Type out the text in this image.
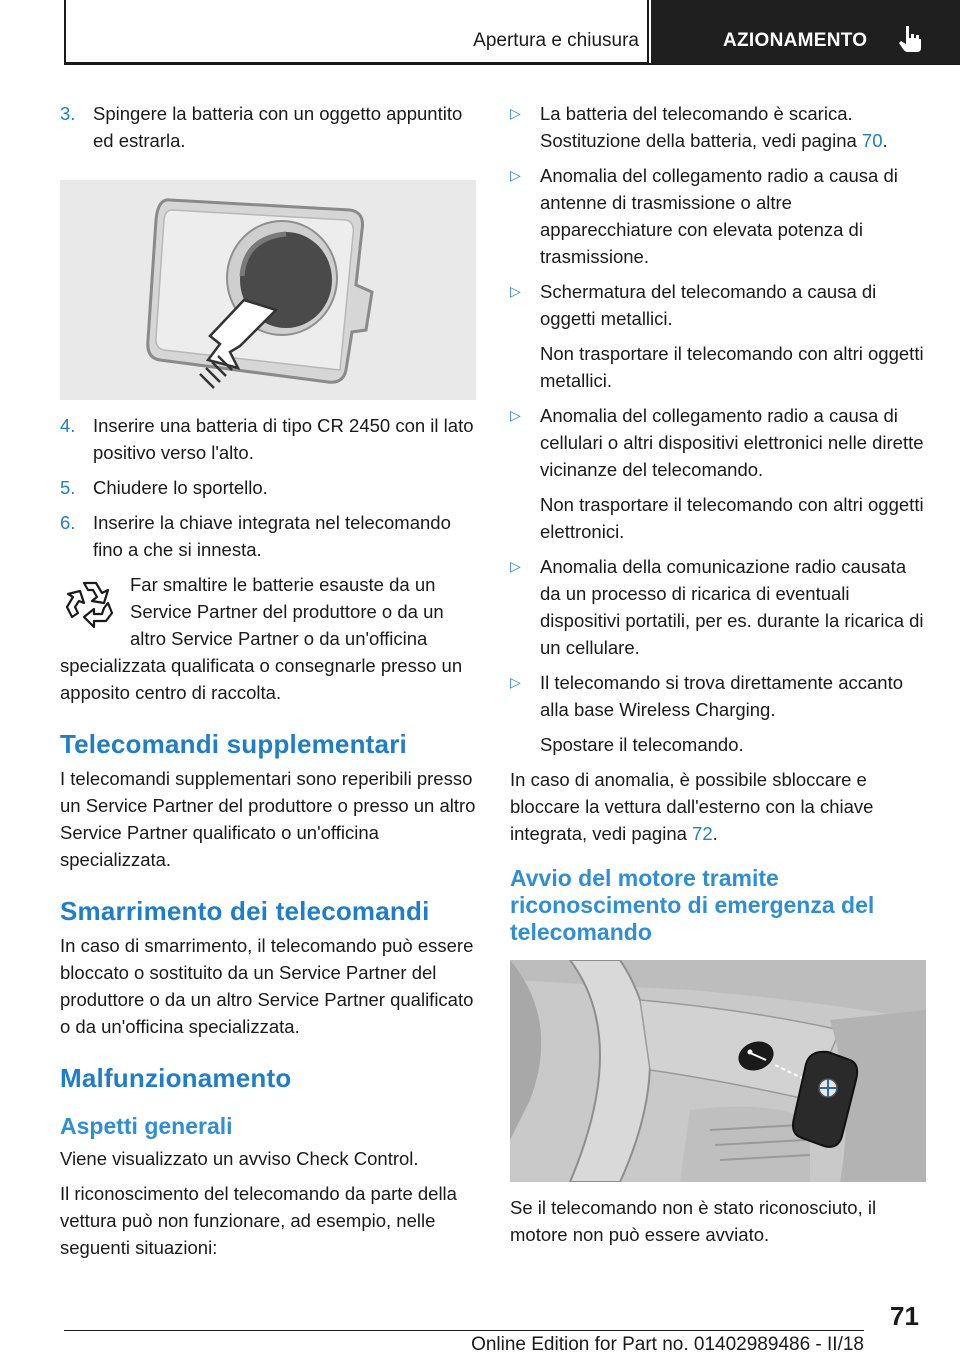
Apertura e chiusura	AZIONAMENTO
3. Spingere la batteria con un oggetto appuntito ed estrarla.
4. Inserire una batteria di tipo CR 2450 con il lato positivo verso l'alto.
5. Chiudere lo sportello.
6. Inserire la chiave integrata nel telecomando fino a che si innesta.
Far smaltire le batterie esauste da un Service Partner del produttore o da un altro Service Partner o da un'officina specializzata qualificata o consegnarle presso un apposito centro di raccolta.
Telecomandi supplementari
I telecomandi supplementari sono reperibili presso un Service Partner del produttore o presso un altro Service Partner qualificato o un'officina specializzata.
Smarrimento dei telecomandi
In caso di smarrimento, il telecomando può essere bloccato o sostituito da un Service Partner del produttore o da un altro Service Partner qualificato o da un'officina specializzata.
Malfunzionamento
Aspetti generali
Viene visualizzato un avviso Check Control.
Il riconoscimento del telecomando da parte della vettura può non funzionare, ad esempio, nelle seguenti situazioni:
▷	La batteria del telecomando è scarica. Sostituzione della batteria, vedi pagina 70.
▷	Anomalia del collegamento radio a causa di antenne di trasmissione o altre apparecchiature con elevata potenza di trasmissione.
▷	Schermatura del telecomando a causa di oggetti metallici.
Non trasportare il telecomando con altri oggetti metallici.
▷	Anomalia del collegamento radio a causa di cellulari o altri dispositivi elettronici nelle dirette vicinanze del telecomando.
Non trasportare il telecomando con altri oggetti elettronici.
▷	Anomalia della comunicazione radio causata da un processo di ricarica di eventuali dispositivi portatili, per es. durante la ricarica di un cellulare.
▷	Il telecomando si trova direttamente accanto alla base Wireless Charging.
Spostare il telecomando.
In caso di anomalia, è possibile sbloccare e bloccare la vettura dall'esterno con la chiave integrata, vedi pagina 72.
Avvio del motore tramite riconoscimento di emergenza del telecomando
Se il telecomando non è stato riconosciuto, il motore non può essere avviato.
71
Online Edition for Part no. 01402989486 - II/18
